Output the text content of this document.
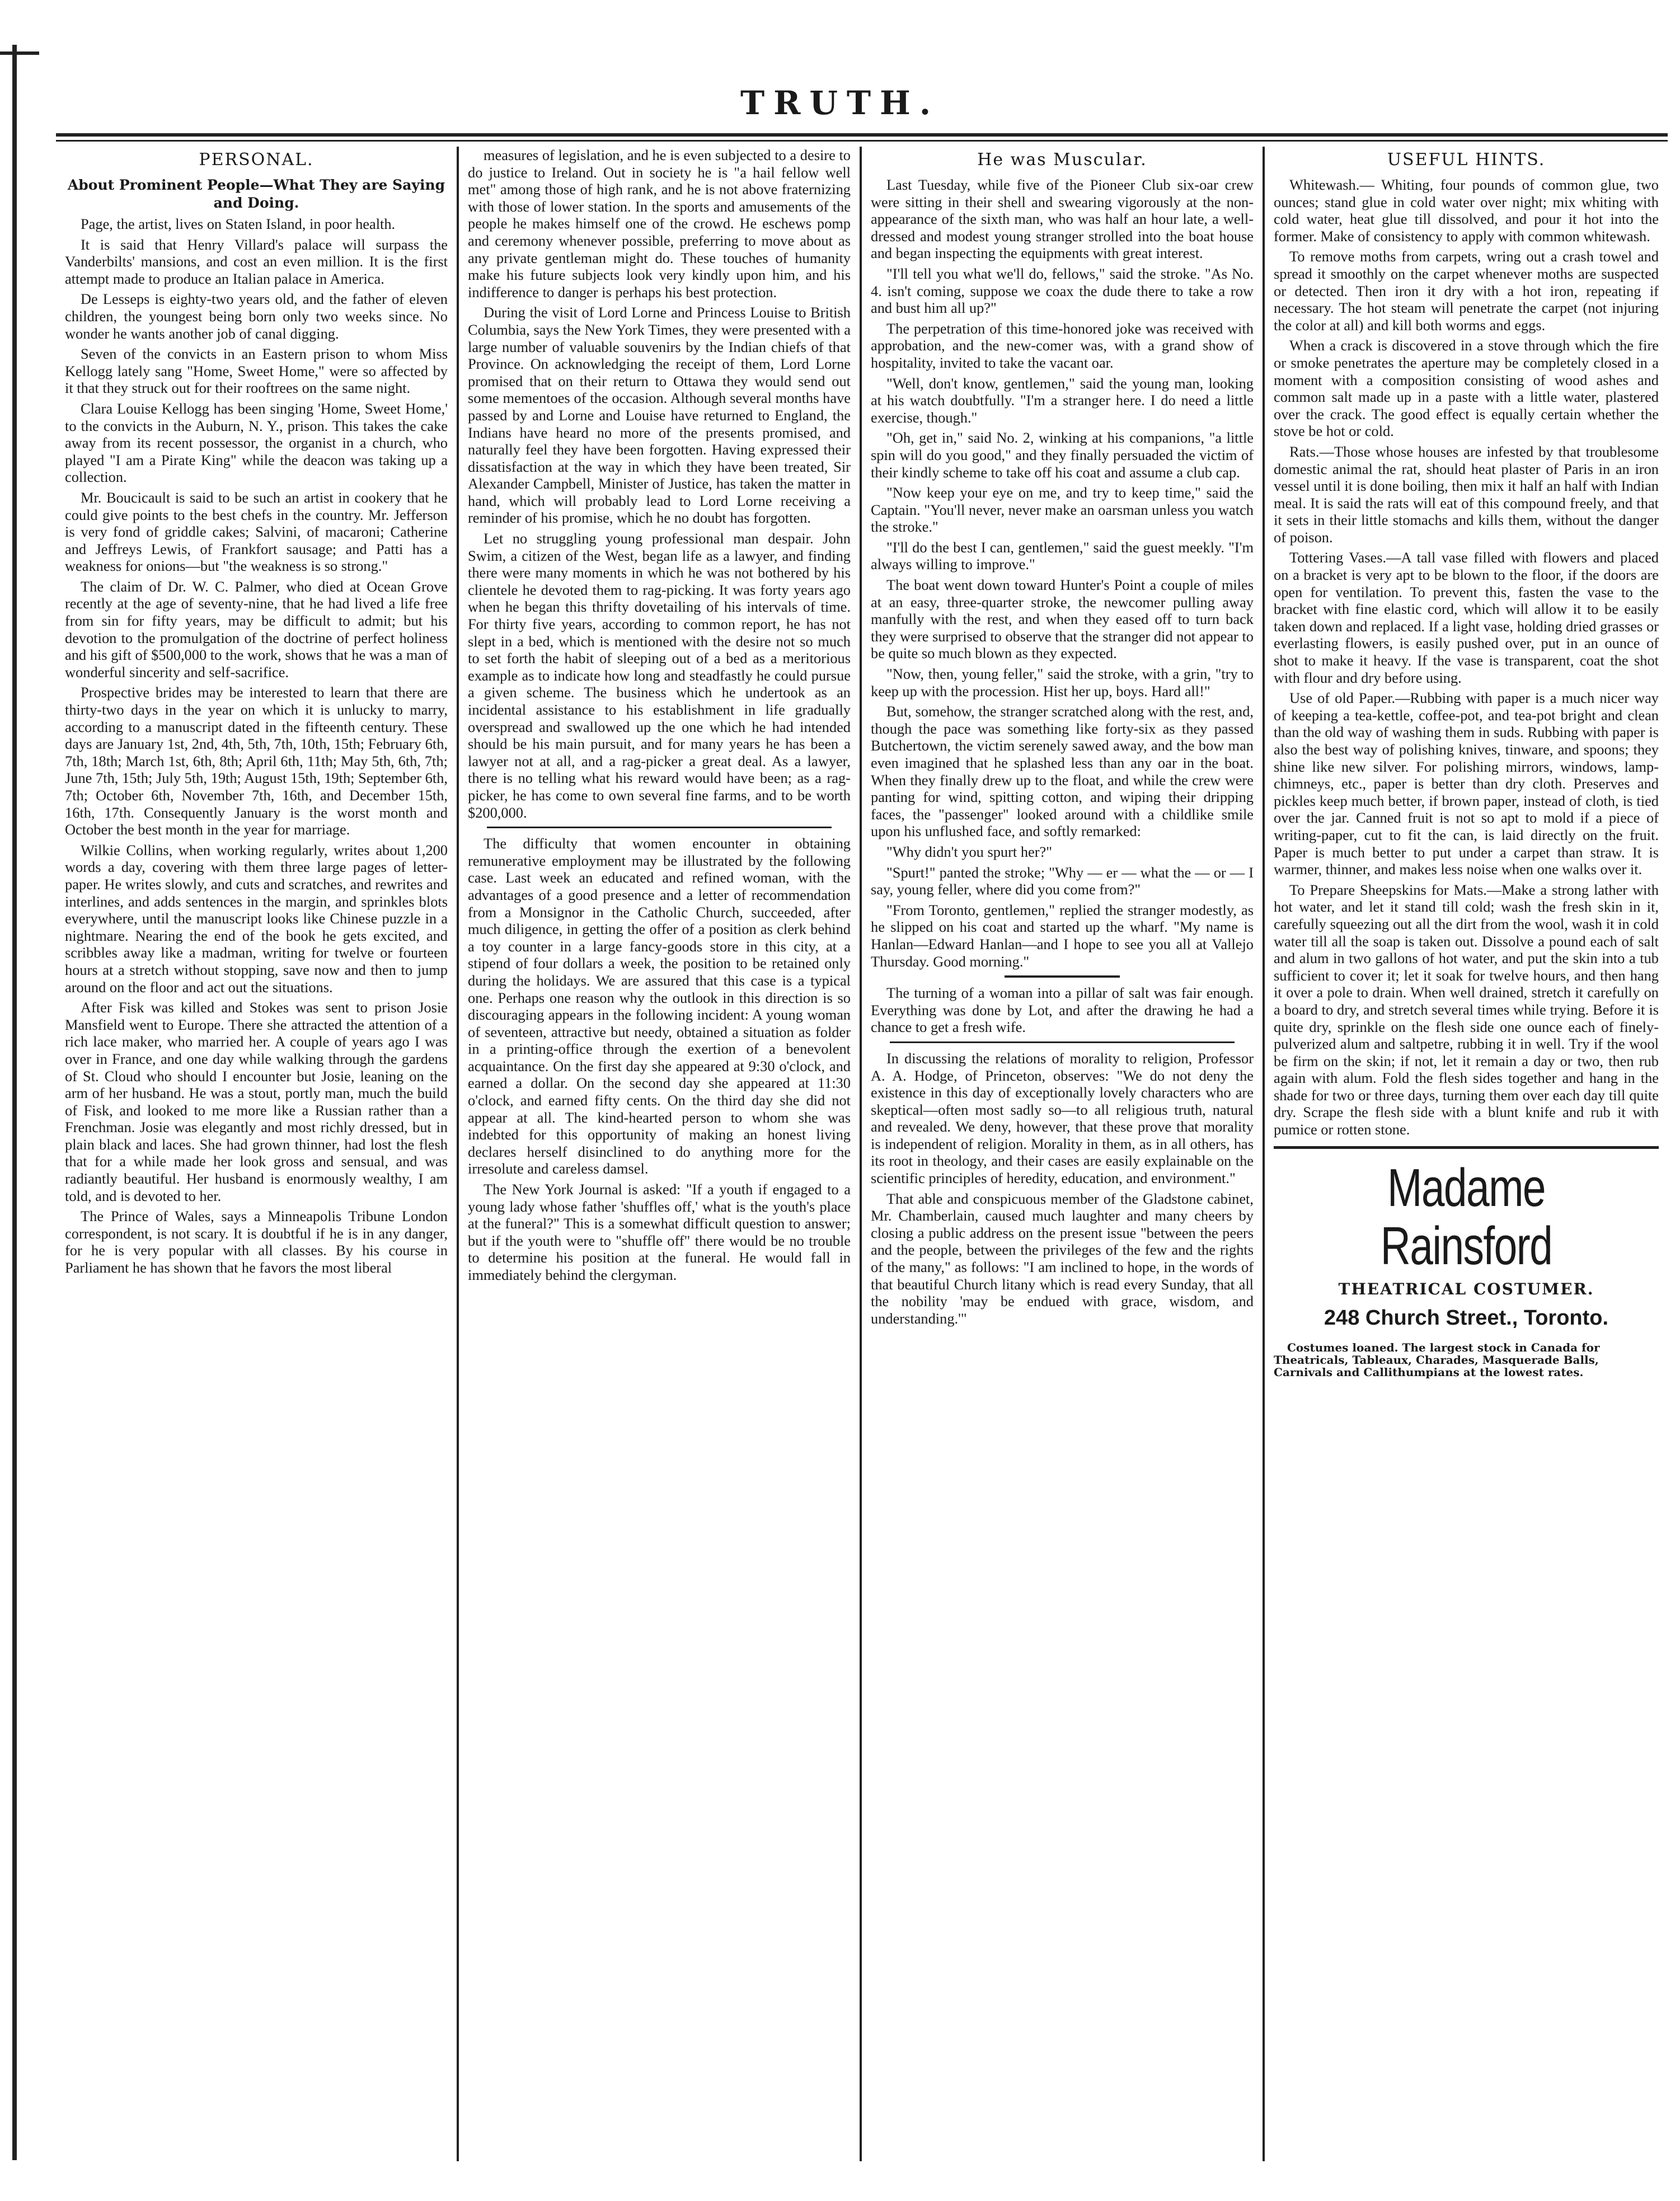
TRUTH.
PERSONAL.
About Prominent People—What They are Saying and Doing.

Page, the artist, lives on Staten Island, in poor health.

It is said that Henry Villard's palace will surpass the Vanderbilts' mansions, and cost an even million. It is the first attempt made to produce an Italian palace in America.

De Lesseps is eighty-two years old, and the father of eleven children, the youngest being born only two weeks since. No wonder he wants another job of canal digging.

Seven of the convicts in an Eastern prison to whom Miss Kellogg lately sang "Home, Sweet Home," were so affected by it that they struck out for their rooftrees on the same night.

Clara Louise Kellogg has been singing 'Home, Sweet Home,' to the convicts in the Auburn, N. Y., prison. This takes the cake away from its recent possessor, the organist in a church, who played "I am a Pirate King" while the deacon was taking up a collection.

Mr. Boucicault is said to be such an artist in cookery that he could give points to the best chefs in the country. Mr. Jefferson is very fond of griddle cakes; Salvini, of macaroni; Catherine and Jeffreys Lewis, of Frankfort sausage; and Patti has a weakness for onions—but "the weakness is so strong."

The claim of Dr. W. C. Palmer, who died at Ocean Grove recently at the age of seventy-nine, that he had lived a life free from sin for fifty years, may be difficult to admit; but his devotion to the promulgation of the doctrine of perfect holiness and his gift of $500,000 to the work, shows that he was a man of wonderful sincerity and self-sacrifice.

Prospective brides may be interested to learn that there are thirty-two days in the year on which it is unlucky to marry, according to a manuscript dated in the fifteenth century. These days are January 1st, 2nd, 4th, 5th, 7th, 10th, 15th; February 6th, 7th, 18th; March 1st, 6th, 8th; April 6th, 11th; May 5th, 6th, 7th; June 7th, 15th; July 5th, 19th; August 15th, 19th; September 6th, 7th; October 6th, November 7th, 16th, and December 15th, 16th, 17th. Consequently January is the worst month and October the best month in the year for marriage.

Wilkie Collins, when working regularly, writes about 1,200 words a day, covering with them three large pages of letter-paper. He writes slowly, and cuts and scratches, and rewrites and interlines, and adds sentences in the margin, and sprinkles blots everywhere, until the manuscript looks like Chinese puzzle in a nightmare. Nearing the end of the book he gets excited, and scribbles away like a madman, writing for twelve or fourteen hours at a stretch without stopping, save now and then to jump around on the floor and act out the situations.

After Fisk was killed and Stokes was sent to prison Josie Mansfield went to Europe. There she attracted the attention of a rich lace maker, who married her. A couple of years ago I was over in France, and one day while walking through the gardens of St. Cloud who should I encounter but Josie, leaning on the arm of her husband. He was a stout, portly man, much the build of Fisk, and looked to me more like a Russian rather than a Frenchman. Josie was elegantly and most richly dressed, but in plain black and laces. She had grown thinner, had lost the flesh that for a while made her look gross and sensual, and was radiantly beautiful. Her husband is enormously wealthy, I am told, and is devoted to her.

The Prince of Wales, says a Minneapolis Tribune London correspondent, is not scary. It is doubtful if he is in any danger, for he is very popular with all classes. By his course in Parliament he has shown that he favors the most liberal

measures of legislation, and he is even subjected to a desire to do justice to Ireland. Out in society he is "a hail fellow well met" among those of high rank, and he is not above fraternizing with those of lower station. In the sports and amusements of the people he makes himself one of the crowd. He eschews pomp and ceremony whenever possible, preferring to move about as any private gentleman might do. These touches of humanity make his future subjects look very kindly upon him, and his indifference to danger is perhaps his best protection.

During the visit of Lord Lorne and Princess Louise to British Columbia, says the New York Times, they were presented with a large number of valuable souvenirs by the Indian chiefs of that Province. On acknowledging the receipt of them, Lord Lorne promised that on their return to Ottawa they would send out some mementoes of the occasion. Although several months have passed by and Lorne and Louise have returned to England, the Indians have heard no more of the presents promised, and naturally feel they have been forgotten. Having expressed their dissatisfaction at the way in which they have been treated, Sir Alexander Campbell, Minister of Justice, has taken the matter in hand, which will probably lead to Lord Lorne receiving a reminder of his promise, which he no doubt has forgotten.

Let no struggling young professional man despair. John Swim, a citizen of the West, began life as a lawyer, and finding there were many moments in which he was not bothered by his clientele he devoted them to rag-picking. It was forty years ago when he began this thrifty dovetailing of his intervals of time. For thirty five years, according to common report, he has not slept in a bed, which is mentioned with the desire not so much to set forth the habit of sleeping out of a bed as a meritorious example as to indicate how long and steadfastly he could pursue a given scheme. The business which he undertook as an incidental assistance to his establishment in life gradually overspread and swallowed up the one which he had intended should be his main pursuit, and for many years he has been a lawyer not at all, and a rag-picker a great deal. As a lawyer, there is no telling what his reward would have been; as a rag-picker, he has come to own several fine farms, and to be worth $200,000.

The difficulty that women encounter in obtaining remunerative employment may be illustrated by the following case. Last week an educated and refined woman, with the advantages of a good presence and a letter of recommendation from a Monsignor in the Catholic Church, succeeded, after much diligence, in getting the offer of a position as clerk behind a toy counter in a large fancy-goods store in this city, at a stipend of four dollars a week, the position to be retained only during the holidays. We are assured that this case is a typical one. Perhaps one reason why the outlook in this direction is so discouraging appears in the following incident: A young woman of seventeen, attractive but needy, obtained a situation as folder in a printing-office through the exertion of a benevolent acquaintance. On the first day she appeared at 9:30 o'clock, and earned a dollar. On the second day she appeared at 11:30 o'clock, and earned fifty cents. On the third day she did not appear at all. The kind-hearted person to whom she was indebted for this opportunity of making an honest living declares herself disinclined to do anything more for the irresolute and careless damsel.

The New York Journal is asked: "If a youth if engaged to a young lady whose father 'shuffles off,' what is the youth's place at the funeral?" This is a somewhat difficult question to answer; but if the youth were to "shuffle off" there would be no trouble to determine his position at the funeral. He would fall in immediately behind the clergyman.

He was Muscular.

Last Tuesday, while five of the Pioneer Club six-oar crew were sitting in their shell and swearing vigorously at the non-appearance of the sixth man, who was half an hour late, a well-dressed and modest young stranger strolled into the boat house and began inspecting the equipments with great interest.

"I'll tell you what we'll do, fellows," said the stroke. "As No. 4. isn't coming, suppose we coax the dude there to take a row and bust him all up?"

The perpetration of this time-honored joke was received with approbation, and the new-comer was, with a grand show of hospitality, invited to take the vacant oar.

"Well, don't know, gentlemen," said the young man, looking at his watch doubtfully. "I'm a stranger here. I do need a little exercise, though."

"Oh, get in," said No. 2, winking at his companions, "a little spin will do you good," and they finally persuaded the victim of their kindly scheme to take off his coat and assume a club cap.

"Now keep your eye on me, and try to keep time," said the Captain. "You'll never, never make an oarsman unless you watch the stroke."

"I'll do the best I can, gentlemen," said the guest meekly. "I'm always willing to improve."

The boat went down toward Hunter's Point a couple of miles at an easy, three-quarter stroke, the newcomer pulling away manfully with the rest, and when they eased off to turn back they were surprised to observe that the stranger did not appear to be quite so much blown as they expected.

"Now, then, young feller," said the stroke, with a grin, "try to keep up with the procession. Hist her up, boys. Hard all!"

But, somehow, the stranger scratched along with the rest, and, though the pace was something like forty-six as they passed Butchertown, the victim serenely sawed away, and the bow man even imagined that he splashed less than any oar in the boat. When they finally drew up to the float, and while the crew were panting for wind, spitting cotton, and wiping their dripping faces, the "passenger" looked around with a childlike smile upon his unflushed face, and softly remarked:

"Why didn't you spurt her?"

"Spurt!" panted the stroke; "Why — er — what the — or — I say, young feller, where did you come from?"

"From Toronto, gentlemen," replied the stranger modestly, as he slipped on his coat and started up the wharf. "My name is Hanlan—Edward Hanlan—and I hope to see you all at Vallejo Thursday. Good morning."

The turning of a woman into a pillar of salt was fair enough. Everything was done by Lot, and after the drawing he had a chance to get a fresh wife.

In discussing the relations of morality to religion, Professor A. A. Hodge, of Princeton, observes: "We do not deny the existence in this day of exceptionally lovely characters who are skeptical—often most sadly so—to all religious truth, natural and revealed. We deny, however, that these prove that morality is independent of religion. Morality in them, as in all others, has its root in theology, and their cases are easily explainable on the scientific principles of heredity, education, and environment."

That able and conspicuous member of the Gladstone cabinet, Mr. Chamberlain, caused much laughter and many cheers by closing a public address on the present issue "between the peers and the people, between the privileges of the few and the rights of the many," as follows: "I am inclined to hope, in the words of that beautiful Church litany which is read every Sunday, that all the nobility 'may be endued with grace, wisdom, and understanding.'"

USEFUL HINTS.

Whitewash.— Whiting, four pounds of common glue, two ounces; stand glue in cold water over night; mix whiting with cold water, heat glue till dissolved, and pour it hot into the former. Make of consistency to apply with common whitewash.

To remove moths from carpets, wring out a crash towel and spread it smoothly on the carpet whenever moths are suspected or detected. Then iron it dry with a hot iron, repeating if necessary. The hot steam will penetrate the carpet (not injuring the color at all) and kill both worms and eggs.

When a crack is discovered in a stove through which the fire or smoke penetrates the aperture may be completely closed in a moment with a composition consisting of wood ashes and common salt made up in a paste with a little water, plastered over the crack. The good effect is equally certain whether the stove be hot or cold.

Rats.—Those whose houses are infested by that troublesome domestic animal the rat, should heat plaster of Paris in an iron vessel until it is done boiling, then mix it half an half with Indian meal. It is said the rats will eat of this compound freely, and that it sets in their little stomachs and kills them, without the danger of poison.

Tottering Vases.—A tall vase filled with flowers and placed on a bracket is very apt to be blown to the floor, if the doors are open for ventilation. To prevent this, fasten the vase to the bracket with fine elastic cord, which will allow it to be easily taken down and replaced. If a light vase, holding dried grasses or everlasting flowers, is easily pushed over, put in an ounce of shot to make it heavy. If the vase is transparent, coat the shot with flour and dry before using.

Use of old Paper.—Rubbing with paper is a much nicer way of keeping a tea-kettle, coffee-pot, and tea-pot bright and clean than the old way of washing them in suds. Rubbing with paper is also the best way of polishing knives, tinware, and spoons; they shine like new silver. For polishing mirrors, windows, lamp-chimneys, etc., paper is better than dry cloth. Preserves and pickles keep much better, if brown paper, instead of cloth, is tied over the jar. Canned fruit is not so apt to mold if a piece of writing-paper, cut to fit the can, is laid directly on the fruit. Paper is much better to put under a carpet than straw. It is warmer, thinner, and makes less noise when one walks over it.

To Prepare Sheepskins for Mats.—Make a strong lather with hot water, and let it stand till cold; wash the fresh skin in it, carefully squeezing out all the dirt from the wool, wash it in cold water till all the soap is taken out. Dissolve a pound each of salt and alum in two gallons of hot water, and put the skin into a tub sufficient to cover it; let it soak for twelve hours, and then hang it over a pole to drain. When well drained, stretch it carefully on a board to dry, and stretch several times while trying. Before it is quite dry, sprinkle on the flesh side one ounce each of finely-pulverized alum and saltpetre, rubbing it in well. Try if the wool be firm on the skin; if not, let it remain a day or two, then rub again with alum. Fold the flesh sides together and hang in the shade for two or three days, turning them over each day till quite dry. Scrape the flesh side with a blunt knife and rub it with pumice or rotten stone.

Madame Rainsford
THEATRICAL COSTUMER.
248 Church Street., Toronto.
Costumes loaned. The largest stock in Canada for Theatricals, Tableaux, Charades, Masquerade Balls, Carnivals and Callithumpians at the lowest rates.
